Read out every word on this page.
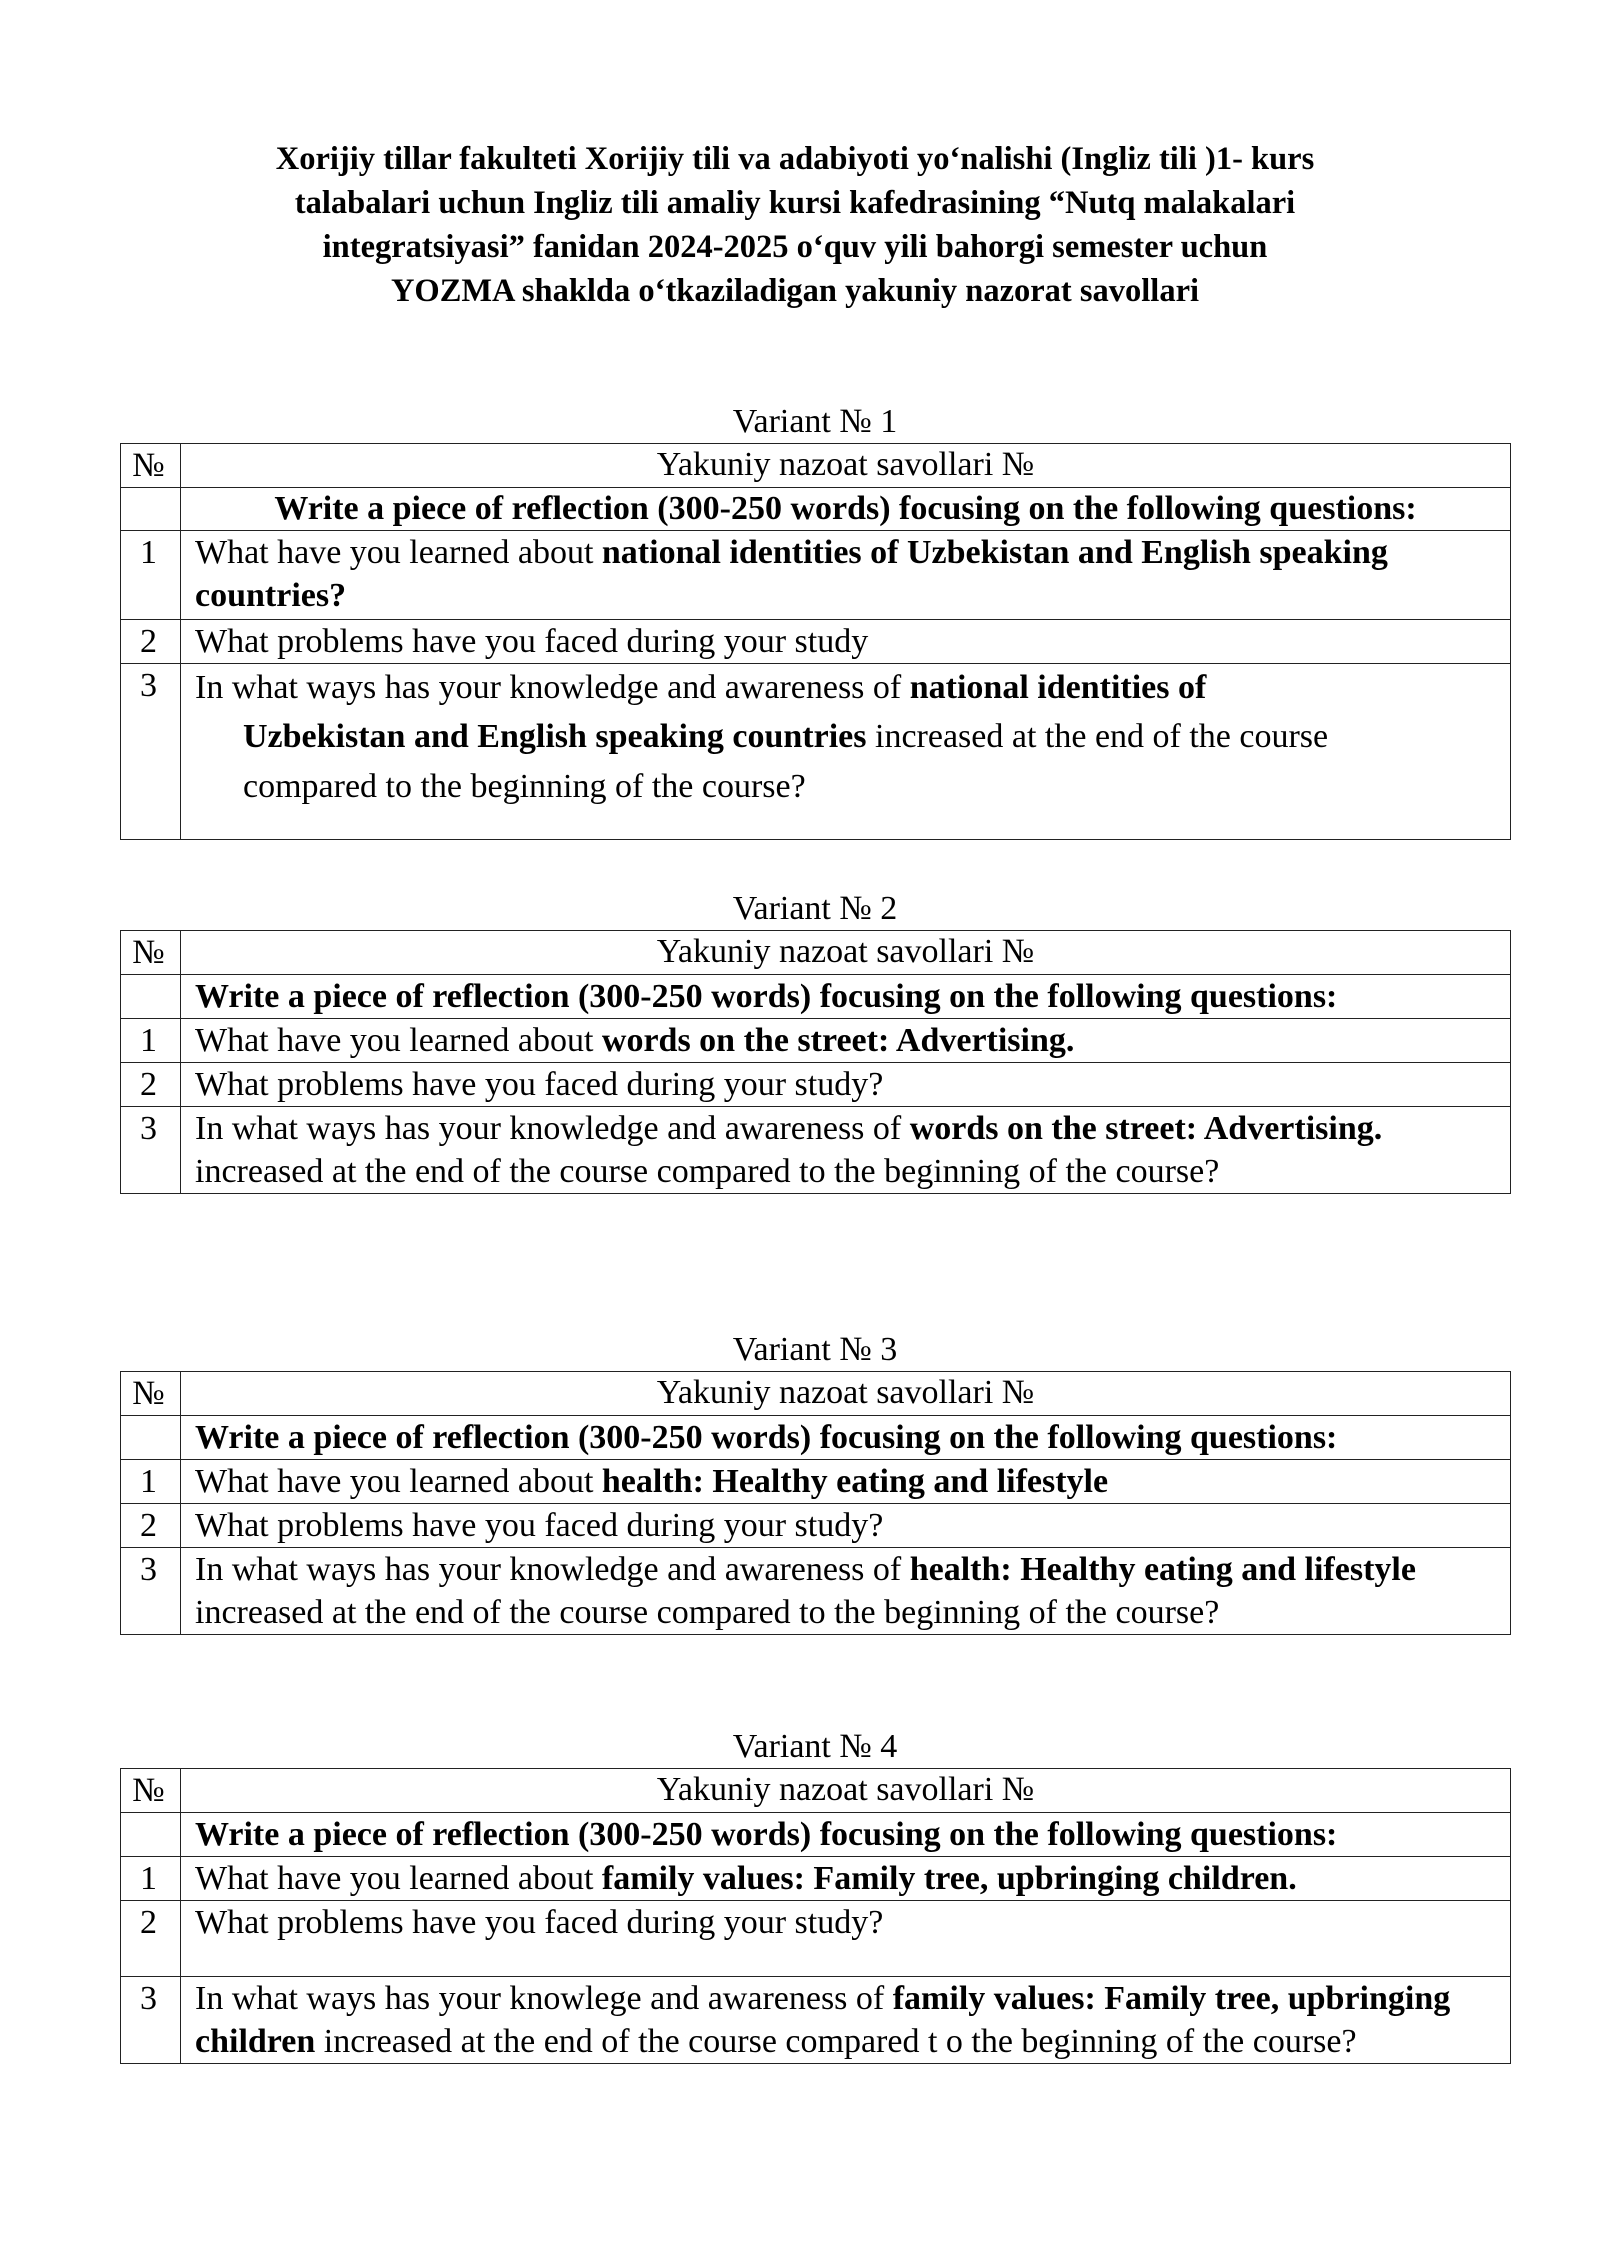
Xorijiy tillar fakulteti Xorijiy tili va adabiyoti yo‘nalishi (Ingliz tili )1- kurs
talabalari uchun Ingliz tili amaliy kursi kafedrasining “Nutq malakalari
integratsiyasi” fanidan 2024-2025 o‘quv yili bahorgi semester uchun
YOZMA shaklda o‘tkaziladigan yakuniy nazorat savollari
Variant № 1
№	Yakuniy nazoat savollari №
	Write a piece of reflection (300-250 words) focusing on the following questions:
1	What have you learned about national identities of Uzbekistan and English speaking countries?
2	What problems have you faced during your study
3	In what ways has your knowledge and awareness of national identities of
Uzbekistan and English speaking countries increased at the end of the course
compared to the beginning of the course?
Variant № 2
№	Yakuniy nazoat savollari №
	Write a piece of reflection (300-250 words) focusing on the following questions:
1	What have you learned about words on the street: Advertising.
2	What problems have you faced during your study?
3	In what ways has your knowledge and awareness of words on the street: Advertising. increased at the end of the course compared to the beginning of the course?
Variant № 3
№	Yakuniy nazoat savollari №
	Write a piece of reflection (300-250 words) focusing on the following questions:
1	What have you learned about health: Healthy eating and lifestyle
2	What problems have you faced during your study?
3	In what ways has your knowledge and awareness of health: Healthy eating and lifestyle increased at the end of the course compared to the beginning of the course?
Variant № 4
№	Yakuniy nazoat savollari №
	Write a piece of reflection (300-250 words) focusing on the following questions:
1	What have you learned about family values: Family tree, upbringing children.
2	What problems have you faced during your study?
3	In what ways has your knowlege and awareness of family values: Family tree, upbringing children increased at the end of the course compared t o the beginning of the course?
